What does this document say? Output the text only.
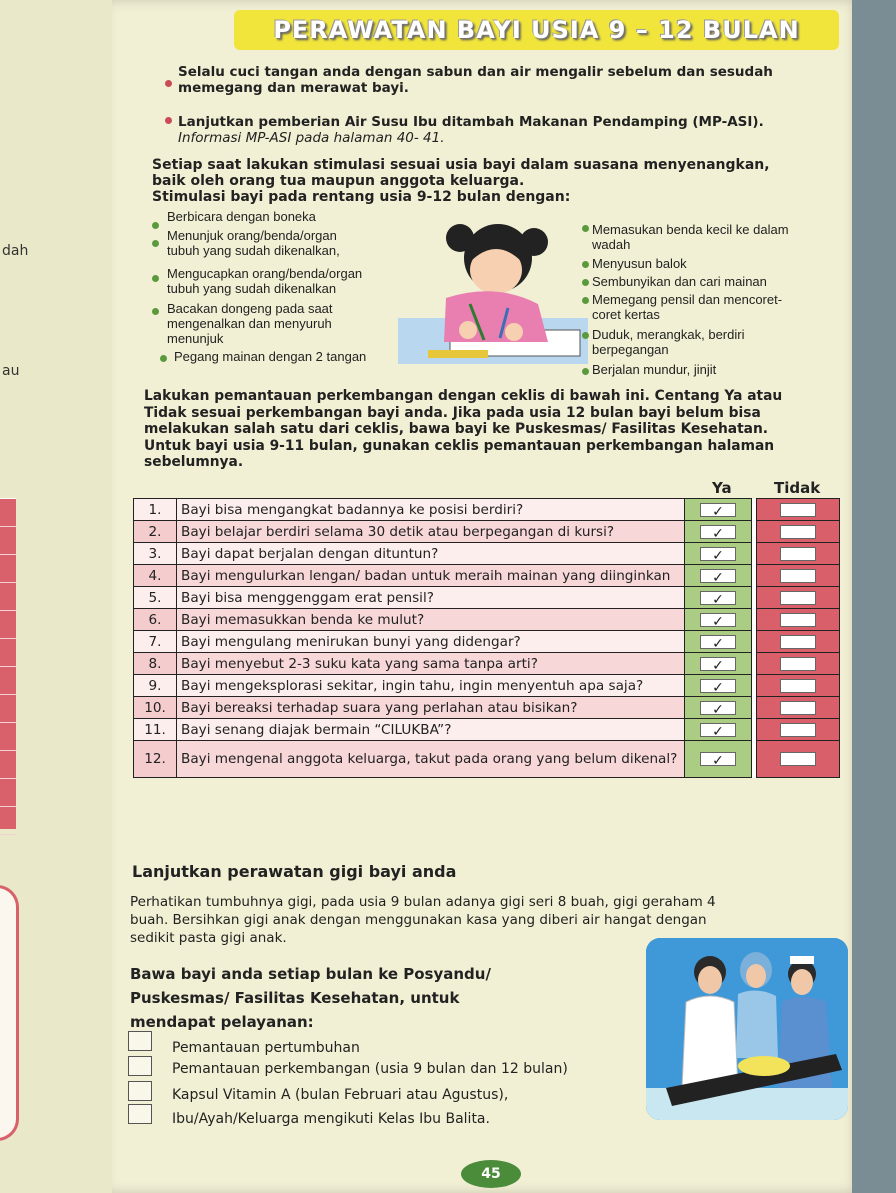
dah
au
PERAWATAN BAYI USIA 9 – 12 BULAN
Selalu cuci tangan anda dengan sabun dan air mengalir sebelum dan sesudah
memegang dan merawat bayi.
Lanjutkan pemberian Air Susu Ibu ditambah Makanan Pendamping (MP-ASI).
Informasi MP-ASI pada halaman 40- 41.
Setiap saat lakukan stimulasi sesuai usia bayi dalam suasana menyenangkan,
baik oleh orang tua maupun anggota keluarga.
Stimulasi bayi pada rentang usia 9-12 bulan dengan:
Berbicara dengan boneka
Menunjuk orang/benda/organ
tubuh yang sudah dikenalkan,
Mengucapkan orang/benda/organ
tubuh yang sudah dikenalkan
Bacakan dongeng pada saat
mengenalkan dan menyuruh
menunjuk
Pegang mainan dengan 2 tangan
Memasukan benda kecil ke dalam
wadah
Menyusun balok
Sembunyikan dan cari mainan
Memegang pensil dan mencoret-
coret kertas
Duduk, merangkak, berdiri
berpegangan
Berjalan mundur, jinjit
Lakukan pemantauan perkembangan dengan ceklis di bawah ini. Centang Ya atau
Tidak sesuai perkembangan bayi anda. Jika pada usia 12 bulan bayi belum bisa
melakukan salah satu dari ceklis, bawa bayi ke Puskesmas/ Fasilitas Kesehatan.
Untuk bayi usia 9-11 bulan, gunakan ceklis pemantauan perkembangan halaman
sebelumnya.
Ya	Tidak
1.	Bayi bisa mengangkat badannya ke posisi berdiri?	✓		
2.	Bayi belajar berdiri selama 30 detik atau berpegangan di kursi?	✓		
3.	Bayi dapat berjalan dengan dituntun?	✓		
4.	Bayi mengulurkan lengan/ badan untuk meraih mainan yang diinginkan	✓		
5.	Bayi bisa menggenggam erat pensil?	✓		
6.	Bayi memasukkan benda ke mulut?	✓		
7.	Bayi mengulang menirukan bunyi yang didengar?	✓		
8.	Bayi menyebut 2-3 suku kata yang sama tanpa arti?	✓		
9.	Bayi mengeksplorasi sekitar, ingin tahu, ingin menyentuh apa saja?	✓		
10.	Bayi bereaksi terhadap suara yang perlahan atau bisikan?	✓		
11.	Bayi senang diajak bermain “CILUKBA”?	✓		
12.	Bayi mengenal anggota keluarga, takut pada orang yang belum dikenal?	✓		
Lanjutkan perawatan gigi bayi anda
Perhatikan tumbuhnya gigi, pada usia 9 bulan adanya gigi seri 8 buah, gigi geraham 4
buah. Bersihkan gigi anak dengan menggunakan kasa yang diberi air hangat dengan
sedikit pasta gigi anak.
Bawa bayi anda setiap bulan ke Posyandu/
Puskesmas/ Fasilitas Kesehatan, untuk
mendapat pelayanan:
Pemantauan pertumbuhan
Pemantauan perkembangan (usia 9 bulan dan 12 bulan)
Kapsul Vitamin A (bulan Februari atau Agustus),
Ibu/Ayah/Keluarga mengikuti Kelas Ibu Balita.
45
